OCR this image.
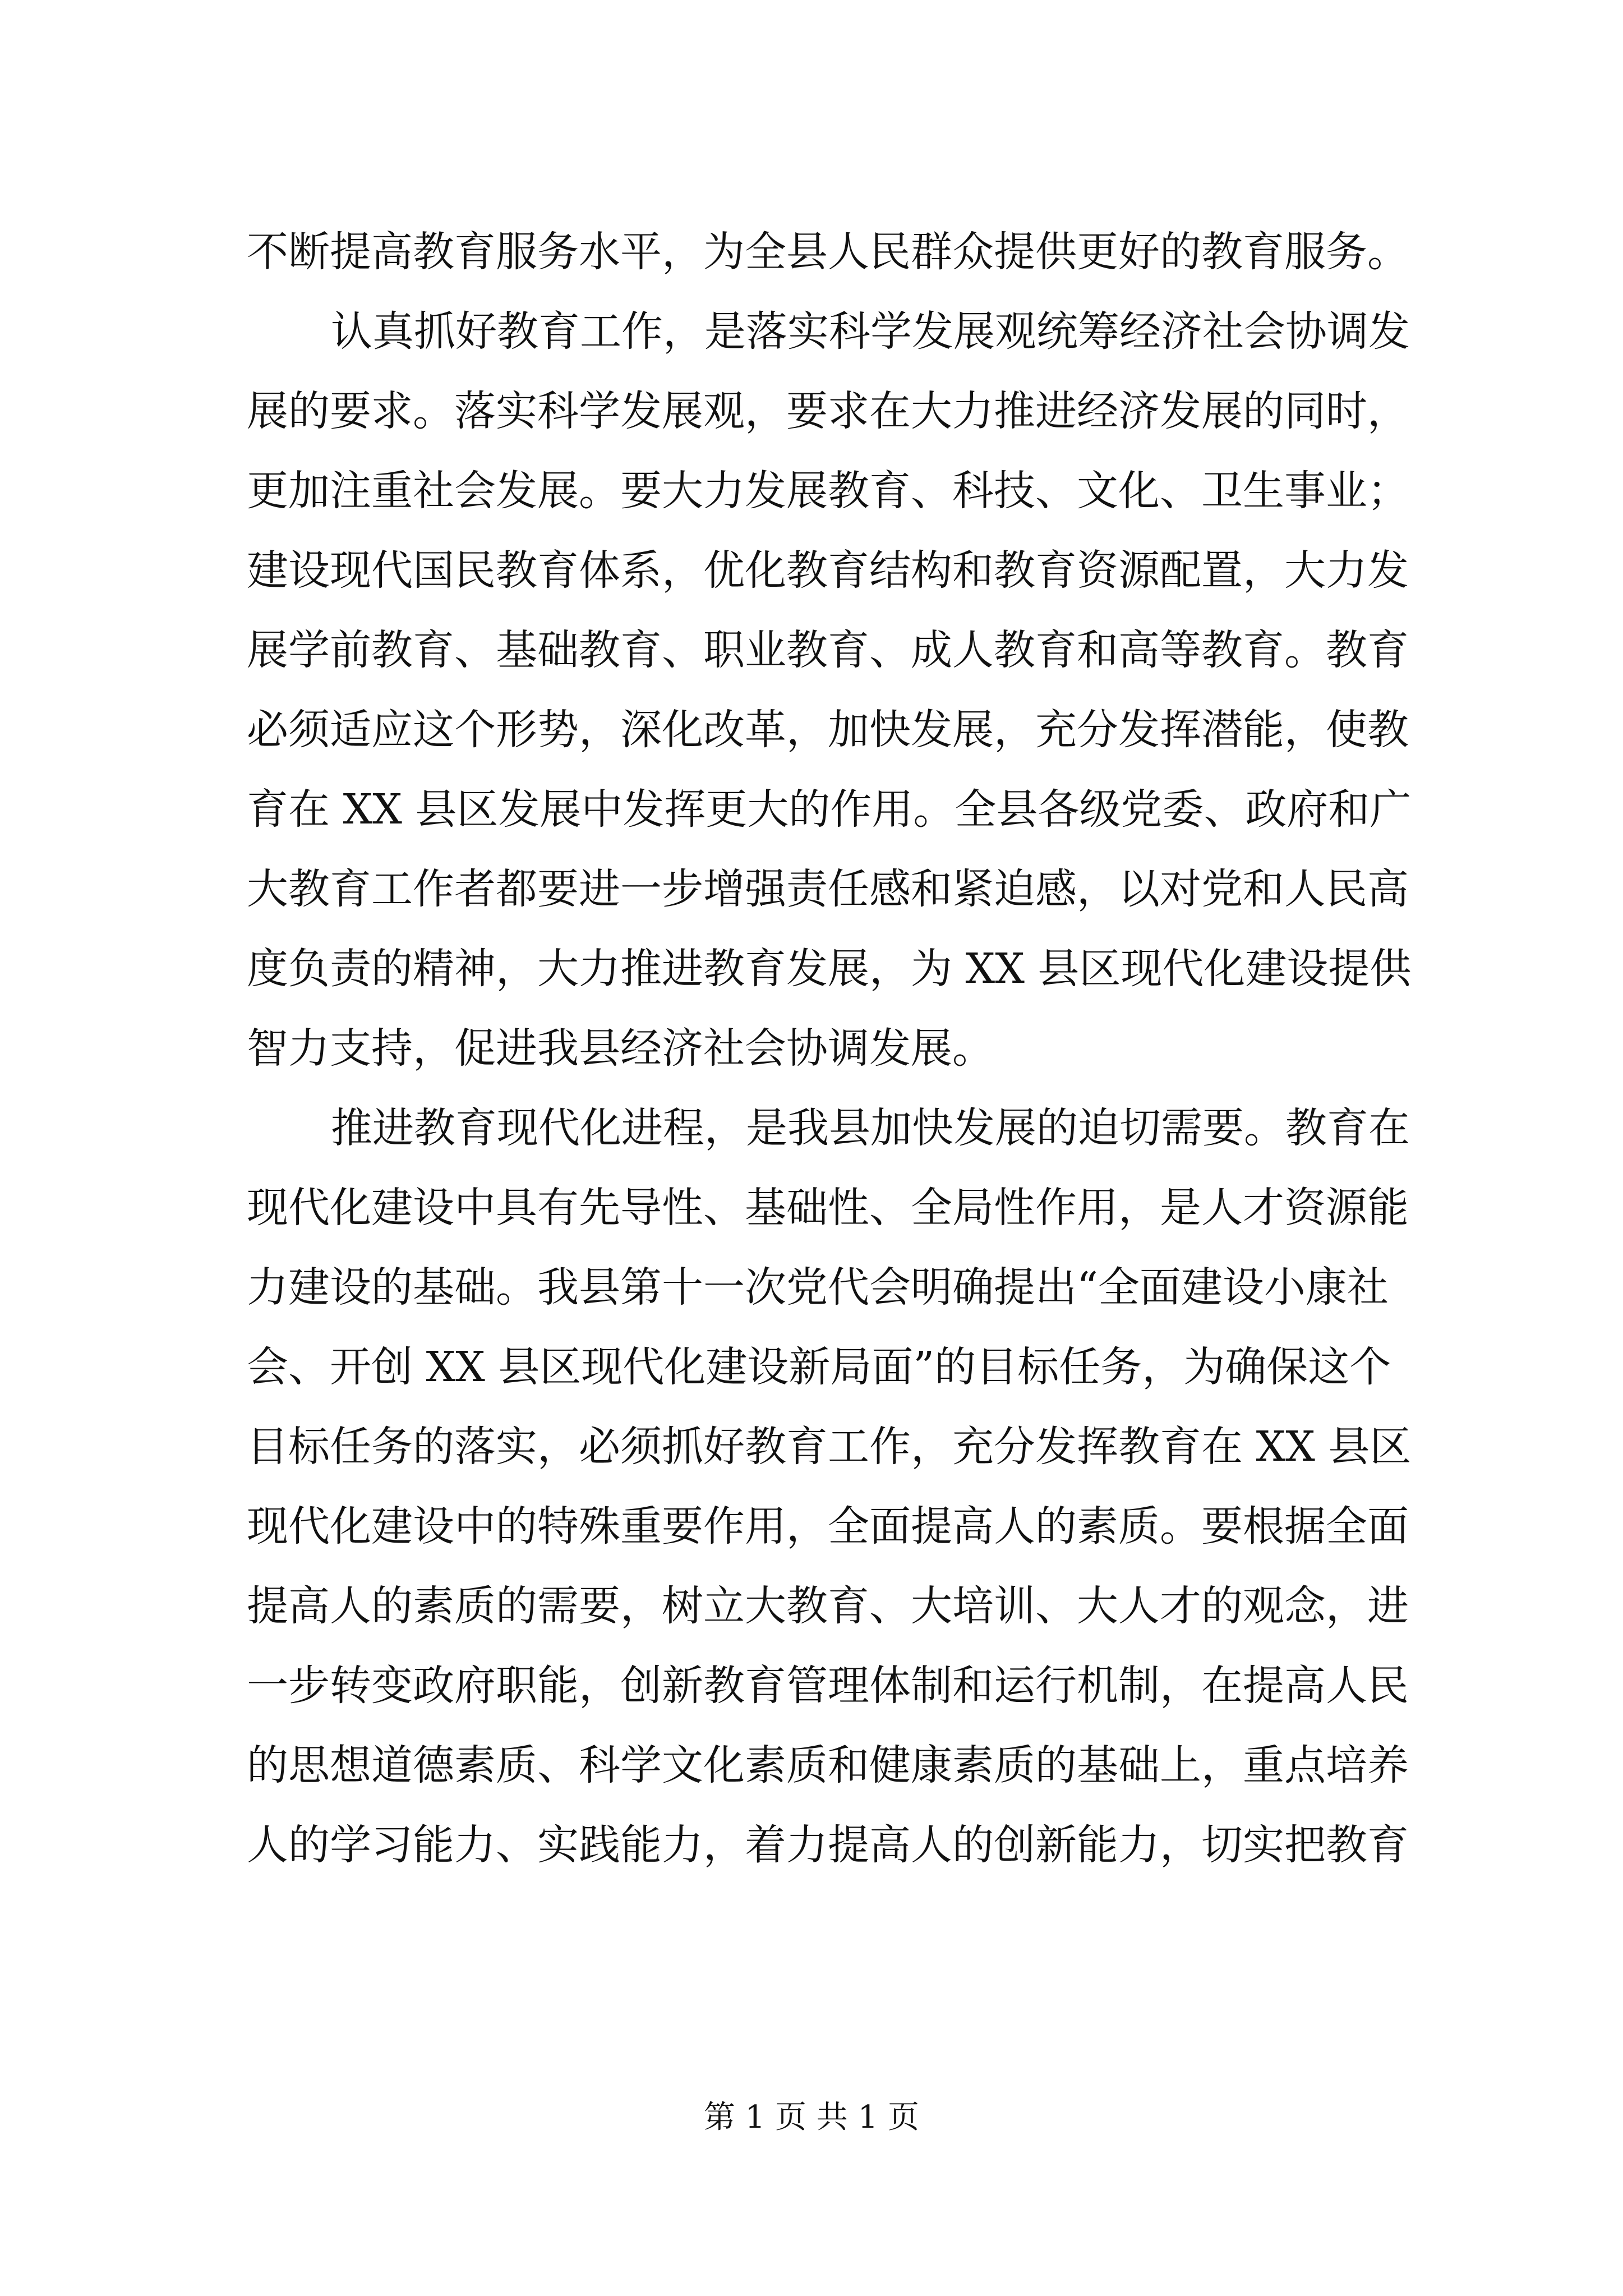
不断提高教育服务水平，为全县人民群众提供更好的教育服务。
认真抓好教育工作，是落实科学发展观统筹经济社会协调发
展的要求。落实科学发展观，要求在大力推进经济发展的同时，
更加注重社会发展。要大力发展教育、科技、文化、卫生事业；
建设现代国民教育体系，优化教育结构和教育资源配置，大力发
展学前教育、基础教育、职业教育、成人教育和高等教育。教育
必须适应这个形势，深化改革，加快发展，充分发挥潜能，使教
育在 XX 县区发展中发挥更大的作用。全县各级党委、政府和广
大教育工作者都要进一步增强责任感和紧迫感，以对党和人民高
度负责的精神，大力推进教育发展，为 XX 县区现代化建设提供
智力支持，促进我县经济社会协调发展。
推进教育现代化进程，是我县加快发展的迫切需要。教育在
现代化建设中具有先导性、基础性、全局性作用，是人才资源能
力建设的基础。我县第十一次党代会明确提出“全面建设小康社
会、开创 XX 县区现代化建设新局面”的目标任务，为确保这个
目标任务的落实，必须抓好教育工作，充分发挥教育在 XX 县区
现代化建设中的特殊重要作用，全面提高人的素质。要根据全面
提高人的素质的需要，树立大教育、大培训、大人才的观念，进
一步转变政府职能，创新教育管理体制和运行机制，在提高人民
的思想道德素质、科学文化素质和健康素质的基础上，重点培养
人的学习能力、实践能力，着力提高人的创新能力，切实把教育
第 1 页 共 1 页
